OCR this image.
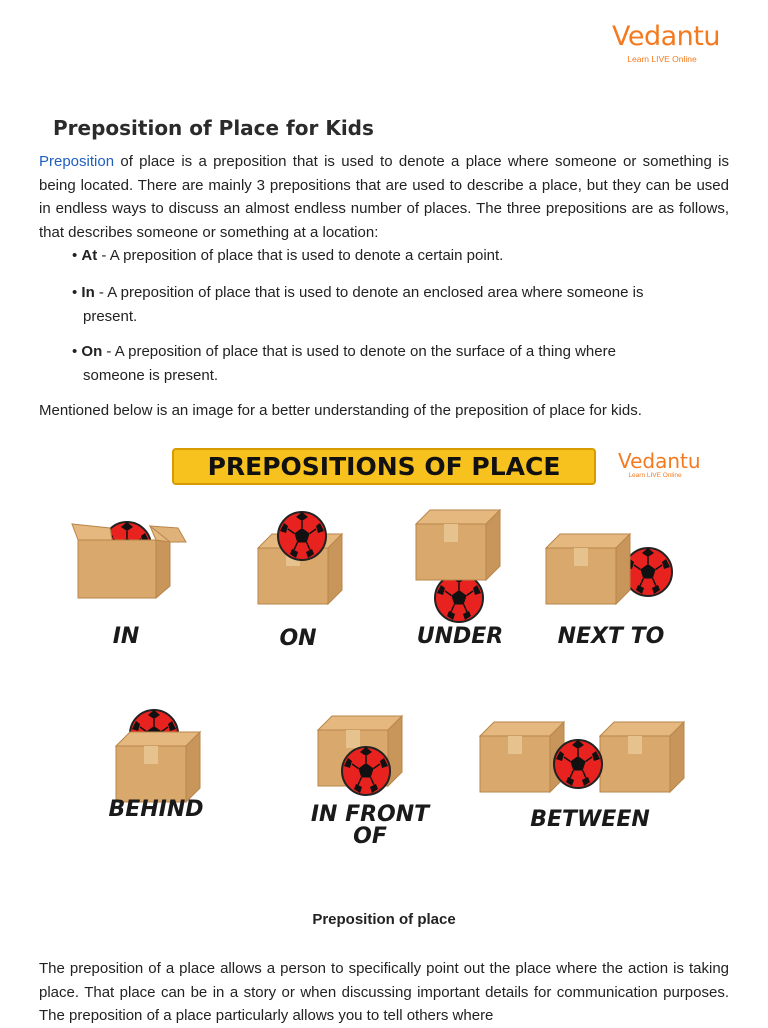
Vedantu
Learn LIVE Online
Preposition of Place for Kids

Preposition of place is a preposition that is used to denote a place where someone or something is being located. There are mainly 3 prepositions that are used to describe a place, but they can be used in endless ways to discuss an almost endless number of places. The three prepositions are as follows, that describes someone or something at a location:

• At - A preposition of place that is used to denote a certain point.

• In - A preposition of place that is used to denote an enclosed area where someone is
present.

• On - A preposition of place that is used to denote on the surface of a thing where
someone is present.

Mentioned below is an image for a better understanding of the preposition of place for kids.

PREPOSITIONS OF PLACE	Vedantu
Learn LIVE Online
IN	ON	UNDER	NEXT TO
BEHIND	IN FRONT OF
BETWEEN

Preposition of place

The preposition of a place allows a person to specifically point out the place where the action is taking place. That place can be in a story or when discussing important details for communication purposes. The preposition of a place particularly allows you to tell others where
